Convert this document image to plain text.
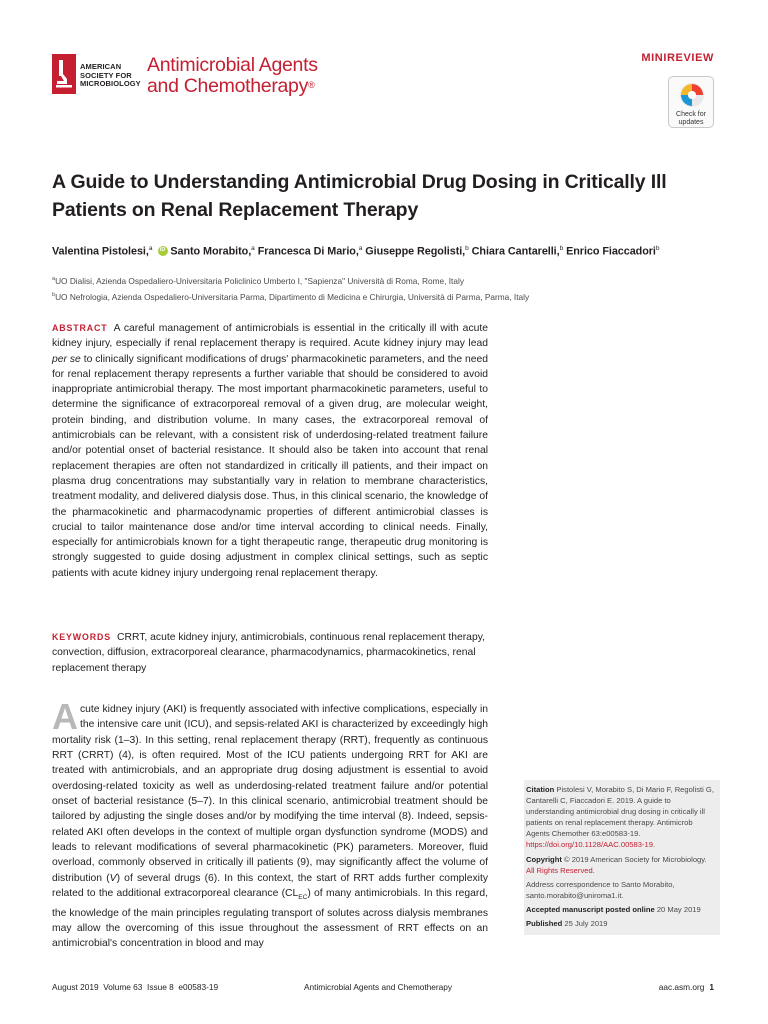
AMERICAN
SOCIETY FOR
MICROBIOLOGY
Antimicrobial Agents
and Chemotherapy®
MINIREVIEW
Check for
updates
A Guide to Understanding Antimicrobial Drug Dosing in Critically Ill Patients on Renal Replacement Therapy
Valentina Pistolesi,$^a$ iD Santo Morabito,$^a$ Francesca Di Mario,$^a$ Giuseppe Regolisti,$^b$ Chiara Cantarelli,$^b$ Enrico Fiaccadori$^b$
$^a$UO Dialisi, Azienda Ospedaliero-Universitaria Policlinico Umberto I, "Sapienza" Università di Roma, Rome, Italy
$^b$UO Nefrologia, Azienda Ospedaliero-Universitaria Parma, Dipartimento di Medicina e Chirurgia, Università di Parma, Parma, Italy
ABSTRACT A careful management of antimicrobials is essential in the critically ill with acute kidney injury, especially if renal replacement therapy is required. Acute kidney injury may lead per se to clinically significant modifications of drugs' pharmacokinetic parameters, and the need for renal replacement therapy represents a further variable that should be considered to avoid inappropriate antimicrobial therapy. The most important pharmacokinetic parameters, useful to determine the significance of extracorporeal removal of a given drug, are molecular weight, protein binding, and distribution volume. In many cases, the extracorporeal removal of antimicrobials can be relevant, with a consistent risk of underdosing-related treatment failure and/or potential onset of bacterial resistance. It should also be taken into account that renal replacement therapies are often not standardized in critically ill patients, and their impact on plasma drug concentrations may substantially vary in relation to membrane characteristics, treatment modality, and delivered dialysis dose. Thus, in this clinical scenario, the knowledge of the pharmacokinetic and pharmacodynamic properties of different antimicrobial classes is crucial to tailor maintenance dose and/or time interval according to clinical needs. Finally, especially for antimicrobials known for a tight therapeutic range, therapeutic drug monitoring is strongly suggested to guide dosing adjustment in complex clinical settings, such as septic patients with acute kidney injury undergoing renal replacement therapy.
KEYWORDS CRRT, acute kidney injury, antimicrobials, continuous renal replacement therapy, convection, diffusion, extracorporeal clearance, pharmacodynamics, pharmacokinetics, renal replacement therapy
Acute kidney injury (AKI) is frequently associated with infective complications, especially in the intensive care unit (ICU), and sepsis-related AKI is characterized by exceedingly high mortality risk (1–3). In this setting, renal replacement therapy (RRT), frequently as continuous RRT (CRRT) (4), is often required. Most of the ICU patients undergoing RRT for AKI are treated with antimicrobials, and an appropriate drug dosing adjustment is essential to avoid overdosing-related toxicity as well as underdosing-related treatment failure and/or potential onset of bacterial resistance (5–7). In this clinical scenario, antimicrobial treatment should be tailored by adjusting the single doses and/or by modifying the time interval (8). Indeed, sepsis-related AKI often develops in the context of multiple organ dysfunction syndrome (MODS) and leads to relevant modifications of several pharmacokinetic (PK) parameters. Moreover, fluid overload, commonly observed in critically ill patients (9), may significantly affect the volume of distribution (V) of several drugs (6). In this context, the start of RRT adds further complexity related to the additional extracorporeal clearance $(CL_{EC})$ of many antimicrobials. In this regard, the knowledge of the main principles regulating transport of solutes across dialysis membranes may allow the overcoming of this issue throughout the assessment of RRT effects on an antimicrobial's concentration in blood and may

Citation Pistolesi V, Morabito S, Di Mario F, Regolisti G, Cantarelli C, Fiaccadori E. 2019. A guide to understanding antimicrobial drug dosing in critically ill patients on renal replacement therapy. Antimicrob Agents Chemother 63:e00583-19. https://doi.org/10.1128/AAC.00583-19.

Copyright © 2019 American Society for Microbiology. All Rights Reserved.

Address correspondence to Santo Morabito, santo.morabito@uniroma1.it.

Accepted manuscript posted online 20 May 2019

Published 25 July 2019

August 2019  Volume 63  Issue 8  e00583-19	Antimicrobial Agents and Chemotherapy	aac.asm.org 1
